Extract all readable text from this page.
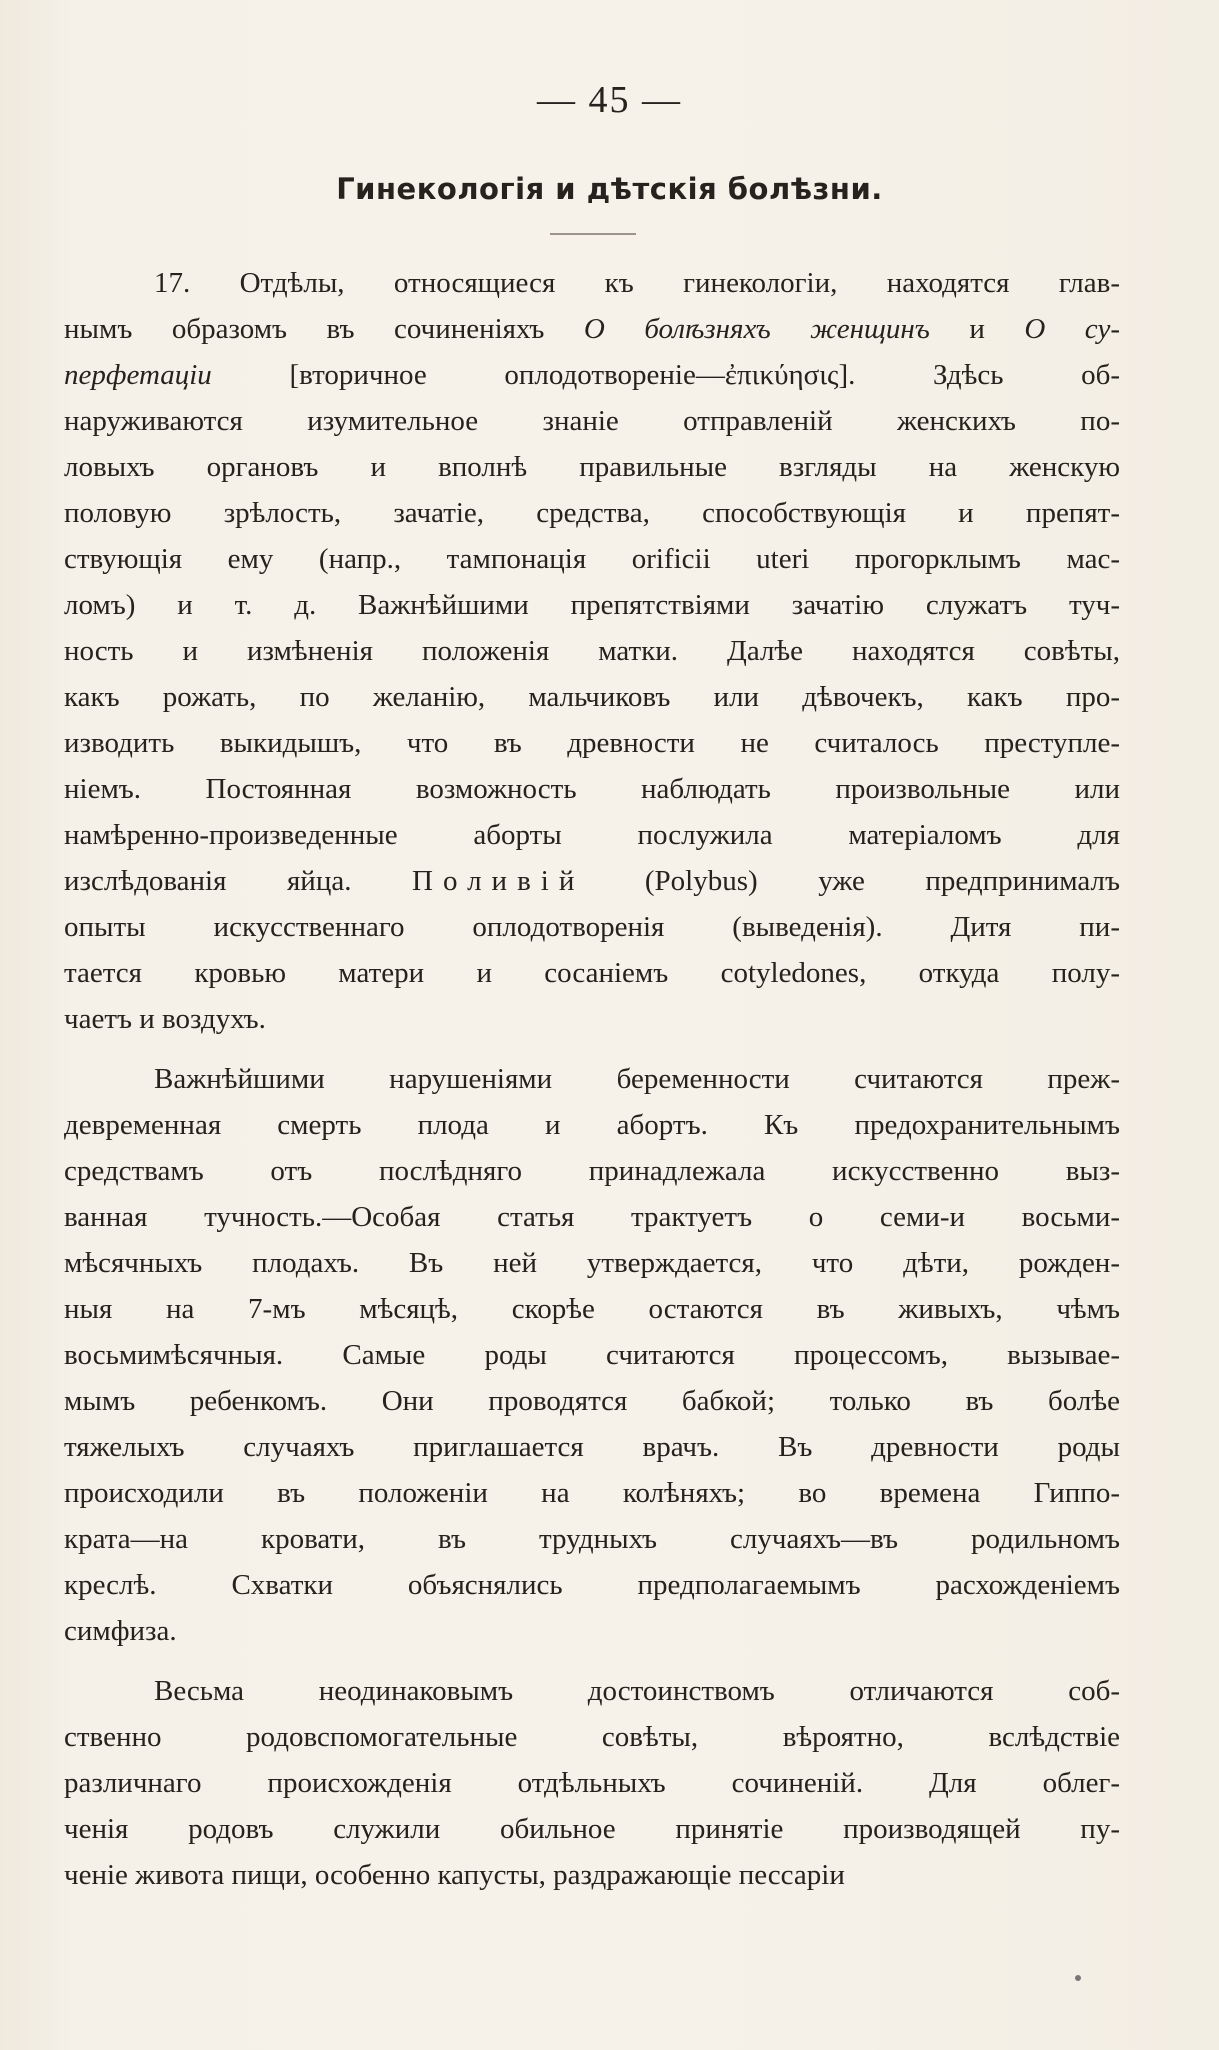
— 45 —
Гинекологія и дѣтскія болѣзни.
17. Отдѣлы, относящиеся къ гинекологіи, находятся глав-
нымъ образомъ въ сочиненіяхъ О болѣзняхъ женщинъ и О су-
перфетаціи [вторичное оплодотвореніе—ἐπικύησις]. Здѣсь об-
наруживаются изумительное знаніе отправленій женскихъ по-
ловыхъ органовъ и вполнѣ правильные взгляды на женскую
половую зрѣлость, зачатіе, средства, способствующія и препят-
ствующія ему (напр., тампонація orificii uteri прогорклымъ мас-
ломъ) и т. д. Важнѣйшими препятствіями зачатію служатъ туч-
ность и измѣненія положенія матки. Далѣе находятся совѣты,
какъ рожать, по желанію, мальчиковъ или дѣвочекъ, какъ про-
изводить выкидышъ, что въ древности не считалось преступле-
ніемъ. Постоянная возможность наблюдать произвольные или
намѣренно-произведенные аборты послужила матеріаломъ для
изслѣдованія яйца. Поливій (Polybus) уже предпринималъ
опыты искусственнаго оплодотворенія (выведенія). Дитя пи-
тается кровью матери и сосаніемъ cotyledones, откуда полу-
чаетъ и воздухъ.
Важнѣйшими нарушеніями беременности считаются преж-
девременная смерть плода и абортъ. Къ предохранительнымъ
средствамъ отъ послѣдняго принадлежала искусственно выз-
ванная тучность.—Особая статья трактуетъ о семи-и восьми-
мѣсячныхъ плодахъ. Въ ней утверждается, что дѣти, рожден-
ныя на 7-мъ мѣсяцѣ, скорѣе остаются въ живыхъ, чѣмъ
восьмимѣсячныя. Самые роды считаются процессомъ, вызывае-
мымъ ребенкомъ. Они проводятся бабкой; только въ болѣе
тяжелыхъ случаяхъ приглашается врачъ. Въ древности роды
происходили въ положеніи на колѣняхъ; во времена Гиппо-
крата—на кровати, въ трудныхъ случаяхъ—въ родильномъ
креслѣ. Схватки объяснялись предполагаемымъ расхожденіемъ
симфиза.
Весьма неодинаковымъ достоинствомъ отличаются соб-
ственно родовспомогательные совѣты, вѣроятно, вслѣдствіе
различнаго происхожденія отдѣльныхъ сочиненій. Для облег-
ченія родовъ служили обильное принятіе производящей пу-
ченіе живота пищи, особенно капусты, раздражающіе пессаріи
